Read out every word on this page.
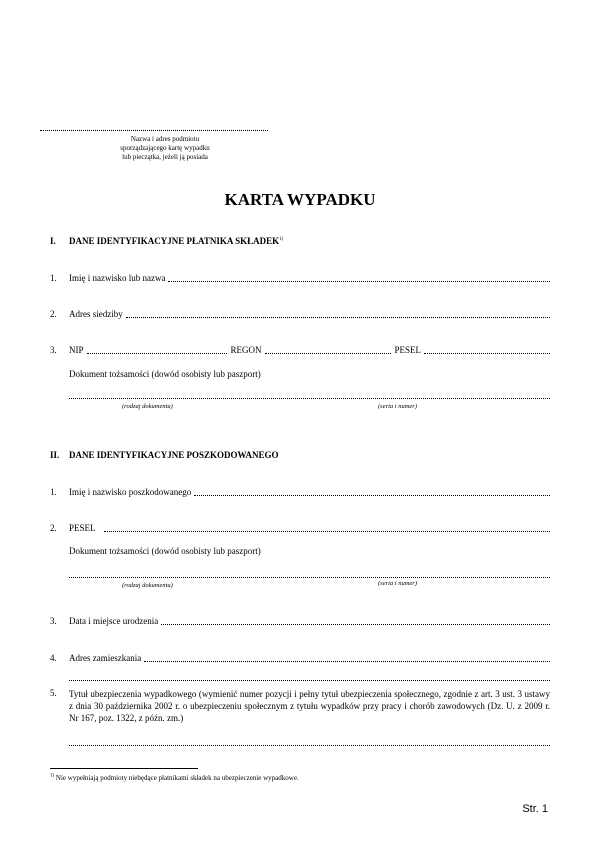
Nazwa i adres podmiotu
sporządzającego kartę wypadku
lub pieczątka, jeżeli ją posiada
KARTA WYPADKU
I. DANE IDENTYFIKACYJNE PŁATNIKA SKŁADEK$^{1)}$
1.	Imię i nazwisko lub nazwa
2.	Adres siedziby
3.	NIP	REGON	PESEL
Dokument tożsamości (dowód osobisty lub paszport)
(rodzaj dokumentu)	(seria i numer)
II. DANE IDENTYFIKACYJNE POSZKODOWANEGO
1.	Imię i nazwisko poszkodowanego
2.	PESEL
Dokument tożsamości (dowód osobisty lub paszport)
(rodzaj dokumentu)	(seria i numer)
3.	Data i miejsce urodzenia
4.	Adres zamieszkania
5. Tytuł ubezpieczenia wypadkowego (wymienić numer pozycji i pełny tytuł ubezpieczenia społecznego, zgodnie z art. 3 ust. 3 ustawy z dnia 30 października 2002 r. o ubezpieczeniu społecznym z tytułu wypadków przy pracy i chorób zawodowych (Dz. U. z 2009 r. Nr 167, poz. 1322, z późn. zm.)
$^{1)}$ Nie wypełniają podmioty niebędące płatnikami składek na ubezpieczenie wypadkowe.
Str. 1
